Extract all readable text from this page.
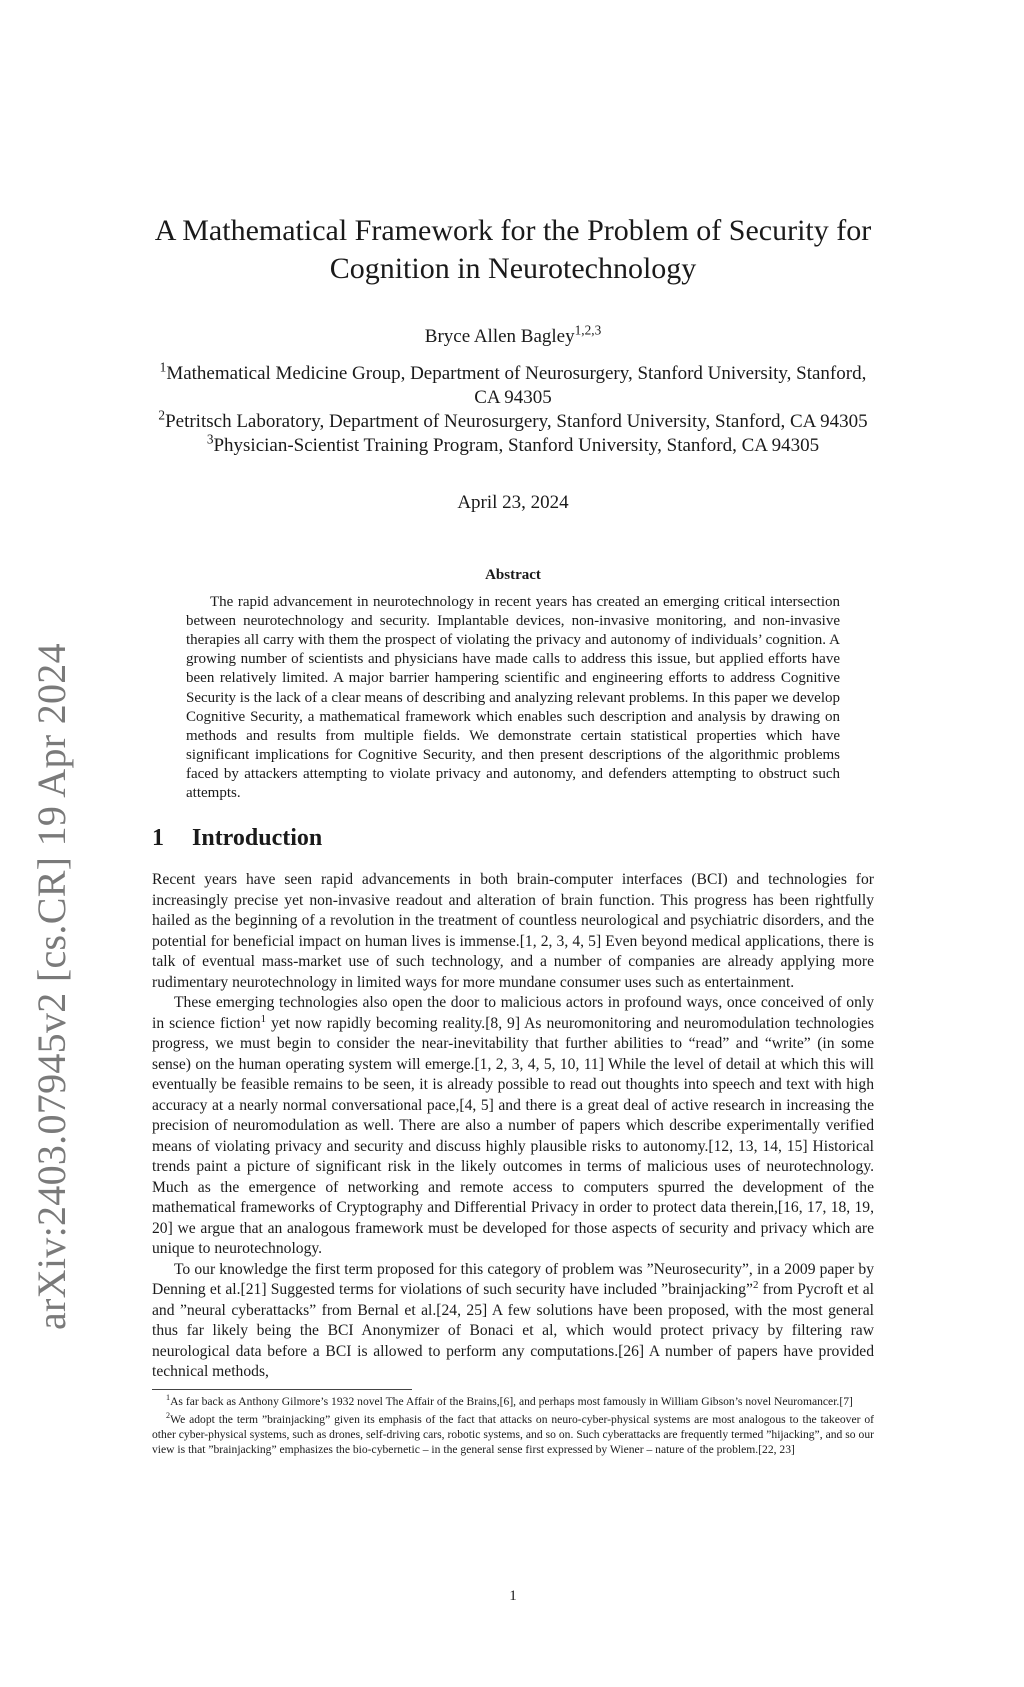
arXiv:2403.07945v2 [cs.CR] 19 Apr 2024
A Mathematical Framework for the Problem of Security for Cognition in Neurotechnology
Bryce Allen Bagley$^{1,2,3}$

$^1$Mathematical Medicine Group, Department of Neurosurgery, Stanford University, Stanford, CA 94305

$^2$Petritsch Laboratory, Department of Neurosurgery, Stanford University, Stanford, CA 94305

$^3$Physician-Scientist Training Program, Stanford University, Stanford, CA 94305

April 23, 2024
Abstract

The rapid advancement in neurotechnology in recent years has created an emerging critical intersection between neurotechnology and security. Implantable devices, non-invasive monitoring, and non-invasive therapies all carry with them the prospect of violating the privacy and autonomy of individuals’ cognition. A growing number of scientists and physicians have made calls to address this issue, but applied efforts have been relatively limited. A major barrier hampering scientific and engineering efforts to address Cognitive Security is the lack of a clear means of describing and analyzing relevant problems. In this paper we develop Cognitive Security, a mathematical framework which enables such description and analysis by drawing on methods and results from multiple fields. We demonstrate certain statistical properties which have significant implications for Cognitive Security, and then present descriptions of the algorithmic problems faced by attackers attempting to violate privacy and autonomy, and defenders attempting to obstruct such attempts.

1 Introduction

Recent years have seen rapid advancements in both brain-computer interfaces (BCI) and technologies for increasingly precise yet non-invasive readout and alteration of brain function. This progress has been rightfully hailed as the beginning of a revolution in the treatment of countless neurological and psychiatric disorders, and the potential for beneficial impact on human lives is immense.[1, 2, 3, 4, 5] Even beyond medical applications, there is talk of eventual mass-market use of such technology, and a number of companies are already applying more rudimentary neurotechnology in limited ways for more mundane consumer uses such as entertainment.

These emerging technologies also open the door to malicious actors in profound ways, once conceived of only in science fiction$^1$ yet now rapidly becoming reality.[8, 9] As neuromonitoring and neuromodulation technologies progress, we must begin to consider the near-inevitability that further abilities to “read” and “write” (in some sense) on the human operating system will emerge.[1, 2, 3, 4, 5, 10, 11] While the level of detail at which this will eventually be feasible remains to be seen, it is already possible to read out thoughts into speech and text with high accuracy at a nearly normal conversational pace,[4, 5] and there is a great deal of active research in increasing the precision of neuromodulation as well. There are also a number of papers which describe experimentally verified means of violating privacy and security and discuss highly plausible risks to autonomy.[12, 13, 14, 15] Historical trends paint a picture of significant risk in the likely outcomes in terms of malicious uses of neurotechnology. Much as the emergence of networking and remote access to computers spurred the development of the mathematical frameworks of Cryptography and Differential Privacy in order to protect data therein,[16, 17, 18, 19, 20] we argue that an analogous framework must be developed for those aspects of security and privacy which are unique to neurotechnology.

To our knowledge the first term proposed for this category of problem was ”Neurosecurity”, in a 2009 paper by Denning et al.[21] Suggested terms for violations of such security have included ”brainjacking”$^2$ from Pycroft et al and ”neural cyberattacks” from Bernal et al.[24, 25] A few solutions have been proposed, with the most general thus far likely being the BCI Anonymizer of Bonaci et al, which would protect privacy by filtering raw neurological data before a BCI is allowed to perform any computations.[26] A number of papers have provided technical methods,

$^1$As far back as Anthony Gilmore’s 1932 novel The Affair of the Brains,[6], and perhaps most famously in William Gibson’s novel Neuromancer.[7]

$^2$We adopt the term ”brainjacking” given its emphasis of the fact that attacks on neuro-cyber-physical systems are most analogous to the takeover of other cyber-physical systems, such as drones, self-driving cars, robotic systems, and so on. Such cyberattacks are frequently termed ”hijacking”, and so our view is that ”brainjacking” emphasizes the bio-cybernetic – in the general sense first expressed by Wiener – nature of the problem.[22, 23]

1
